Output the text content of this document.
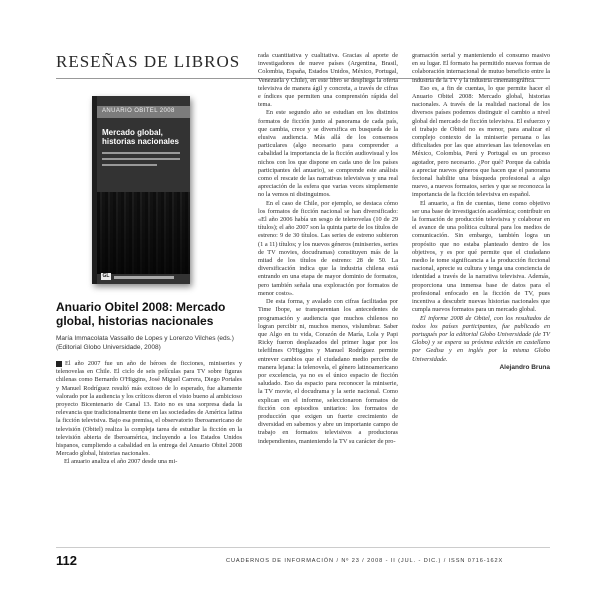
RESEÑAS DE LIBROS
ANUARIO OBITEL 2008
Mercado global, historias nacionales
GL
Anuario Obitel 2008: Mercado global, historias nacionales
María Immacolata Vassallo de Lopes y Lorenzo Vilches (eds.) (Editorial Globo Universidade, 2008)

El año 2007 fue un año de héroes de ficciones, miniseries y telenovelas en Chile. El ciclo de seis películas para TV sobre figuras chilenas como Bernardo O'Higgins, José Miguel Carrera, Diego Portales y Manuel Rodríguez resultó más exitoso de lo esperado, fue altamente valorado por la audiencia y los críticos dieron el visto bueno al ambicioso proyecto Bicentenario de Canal 13. Esto no es una sorpresa dada la relevancia que tradicionalmente tiene en las sociedades de América latina la ficción televisiva. Bajo esa premisa, el observatorio Iberoamericano de televisión (Obitel) realiza la compleja tarea de estudiar la ficción en la televisión abierta de Iberoamérica, incluyendo a los Estados Unidos hispanos, cumpliendo a cabalidad en la entrega del Anuario Obitel 2008 Mercado global, historias nacionales.

El anuario analiza el año 2007 desde una mi-

rada cuantitativa y cualitativa. Gracias al aporte de investigadores de nueve países (Argentina, Brasil, Colombia, España, Estados Unidos, México, Portugal, Venezuela y Chile), en este libro se despliega la oferta televisiva de manera ágil y concreta, a través de cifras e índices que permiten una comprensión rápida del tema.

En este segundo año se estudian en los distintos formatos de ficción junto al panorama de cada país, que cambia, crece y se diversifica en busqueda de la elusiva audiencia. Más allá de los consensos particulares (algo necesario para comprender a cabalidad la importancia de la ficción audiovisual y los nichos con los que dispone en cada uno de los países participantes del anuario), se comprende este análisis como el rescate de las narrativas televisivas y una real apreciación de la esfera que varias veces simplemente no la vemos ni distinguimos.

En el caso de Chile, por ejemplo, se destaca cómo los formatos de ficción nacional se han diversificado: «El año 2006 había un sesgo de telenovelas (10 de 29 títulos); el año 2007 son la quinta parte de los títulos de estreno: 9 de 30 títulos. Las series de estreno subieron (1 a 11) títulos; y los nuevos géneros (miniseries, series de TV movies, docudramas) constituyen más de la mitad de los títulos de estreno: 28 de 50. La diversificación indica que la industria chilena está entrando en una etapa de mayor dominio de formatos, pero también señala una exploración por formatos de menor costo».

De esta forma, y avalado con cifras facilitadas por Time Ibope, se transparentan los antecedentes de programación y audiencia que muchos chilenos no logran percibir ni, muchos menos, vislumbrar. Saber que Algo en tu vida, Corazón de María, Lola y Papi Ricky fueron desplazados del primer lugar por los telefilmes O'Higgins y Manuel Rodríguez permite entrever cambios que el ciudadano medio percibe de manera lejana: la telenovela, el género latinoamericano por excelencia, ya no es el único espacio de ficción saludado. Eso da espacio para reconocer la miniserie, la TV movie, el docudrama y la serie nacional. Como explican en el informe, seleccionaron formatos de ficción con episodios unitarios: los formatos de producción que exigen un fuerte crecimiento de diversidad en sabemos y abre un importante campo de trabajo en formatos televisivos a productoras independientes, manteniendo la TV su carácter de pro-

gramación serial y manteniendo el consumo masivo en su lugar. El formato ha permitido nuevas formas de colaboración internacional de mutuo beneficio entre la industria de la TV y la industria cinematográfica.

Eso es, a fin de cuentas, lo que permite hacer el Anuario Obitel 2008: Mercado global, historias nacionales. A través de la realidad nacional de los diversos países podemos distinguir el cambio a nivel global del mercado de ficción televisiva. El esfuerzo y el trabajo de Obitel no es menor, para analizar el complejo contexto de la miniserie peruana o las dificultades por las que atraviesan las telenovelas en México, Colombia, Perú y Portugal es un proceso agotador, pero necesario. ¿Por qué? Porque da cabida a apreciar nuevos géneros que hacen que el panorama fecional habilite una búsqueda profesional a algo nuevo, a nuevos formatos, series y que se reconozca la importancia de la ficción televisiva en español.

El anuario, a fin de cuentas, tiene como objetivo ser una base de investigación académica; contribuir en la formación de producción televisiva y colaborar en el avance de una política cultural para los medios de comunicación. Sin embargo, también logra un propósito que no estaba planteado dentro de los objetivos, y es por qué permite que el ciudadano medio le tome significancia a la producción ficcional nacional, aprecie su cultura y tenga una conciencia de identidad a través de la narrativa televisiva. Además, proporciona una inmensa base de datos para el profesional enfocado en la ficción de TV, pues incentiva a descubrir nuevas historias nacionales que cumpla nuevos formatos para un mercado global.

El informe 2008 de Obitel, con los resultados de todos los países participantes, fue publicado en portugués por la editorial Globo Universidade (de TV Globo) y se espera su próxima edición en castellano por Gedisa y en inglés por la misma Globo Universidade.

Alejandro Bruna

112	CUADERNOS DE INFORMACIÓN / Nº 23 / 2008 - II (JUL. - DIC.) / ISSN 0716-162X
